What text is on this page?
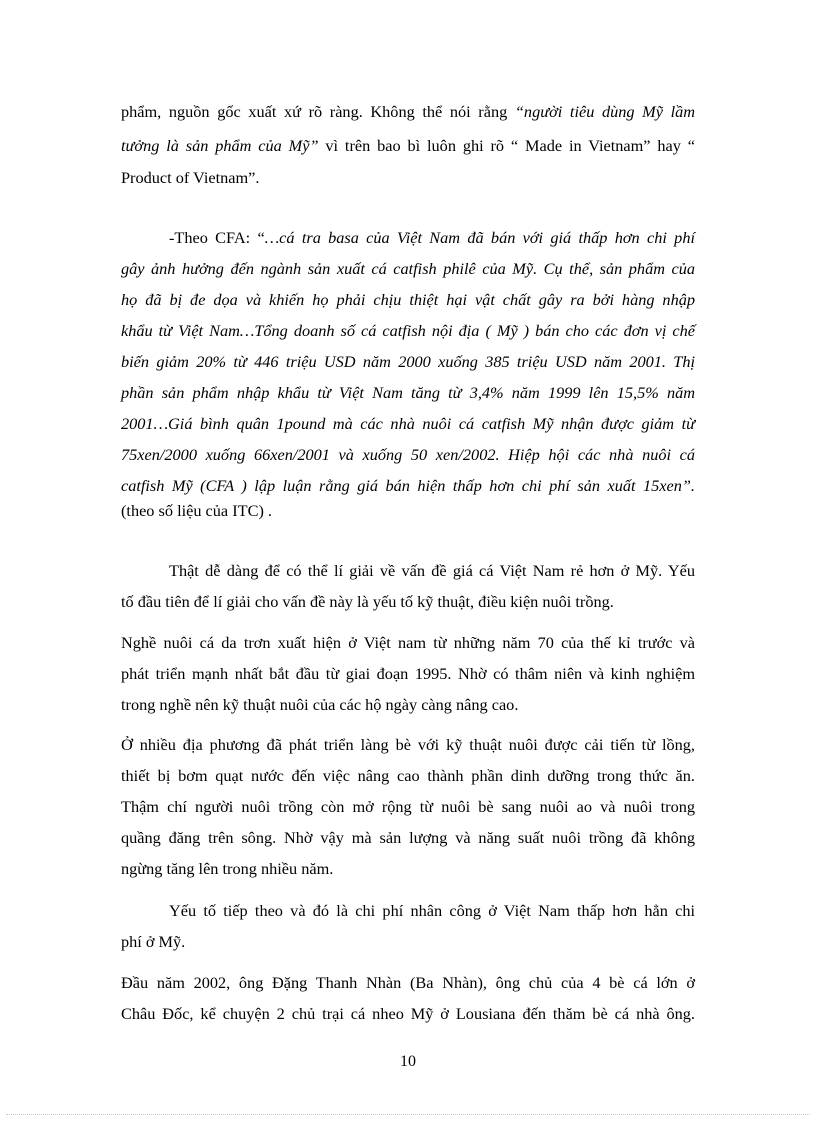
phẩm, nguồn gốc xuất xứ rõ ràng. Không thể nói rằng “người tiêu dùng Mỹ lầm
tưởng là sản phẩm của Mỹ” vì trên bao bì luôn ghi rõ “ Made in Vietnam” hay “
Product of Vietnam”.
-Theo CFA: “…cá tra basa của Việt Nam đã bán với giá thấp hơn chi phí
gây ảnh hưởng đến ngành sản xuất cá catfish philê của Mỹ. Cụ thể, sản phẩm của
họ đã bị đe dọa và khiến họ phải chịu thiệt hại vật chất gây ra bởi hàng nhập
khẩu từ Việt Nam…Tổng doanh số cá catfish nội địa ( Mỹ ) bán cho các đơn vị chế
biến giảm 20% từ 446 triệu USD năm 2000 xuống 385 triệu USD năm 2001. Thị
phần sản phẩm nhập khẩu từ Việt Nam tăng từ 3,4% năm 1999 lên 15,5% năm
2001…Giá bình quân 1pound mà các nhà nuôi cá catfish Mỹ nhận được giảm từ
75xen/2000 xuống 66xen/2001 và xuống 50 xen/2002. Hiệp hội các nhà nuôi cá
catfish Mỹ (CFA ) lập luận rằng giá bán hiện thấp hơn chi phí sản xuất 15xen”.
(theo số liệu của ITC) .
Thật dễ dàng để có thể lí giải về vấn đề giá cá Việt Nam rẻ hơn ở Mỹ. Yếu
tố đầu tiên để lí giải cho vấn đề này là yếu tố kỹ thuật, điều kiện nuôi trồng.
Nghề nuôi cá da trơn xuất hiện ở Việt nam từ những năm 70 của thế kỉ trước và
phát triển mạnh nhất bắt đầu từ giai đoạn 1995. Nhờ có thâm niên và kinh nghiệm
trong nghề nên kỹ thuật nuôi của các hộ ngày càng nâng cao.
Ở nhiều địa phương đã phát triển làng bè với kỹ thuật nuôi được cải tiến từ lồng,
thiết bị bơm quạt nước đến việc nâng cao thành phần dinh dưỡng trong thức ăn.
Thậm chí người nuôi trồng còn mở rộng từ nuôi bè sang nuôi ao và nuôi trong
quầng đăng trên sông. Nhờ vậy mà sản lượng và năng suất nuôi trồng đã không
ngừng tăng lên trong nhiều năm.
Yếu tố tiếp theo và đó là chi phí nhân công ở Việt Nam thấp hơn hẳn chi
phí ở Mỹ.
Đầu năm 2002, ông Đặng Thanh Nhàn (Ba Nhàn), ông chủ của 4 bè cá lớn ở
Châu Đốc, kể chuyện 2 chủ trại cá nheo Mỹ ở Lousiana đến thăm bè cá nhà ông.
10
